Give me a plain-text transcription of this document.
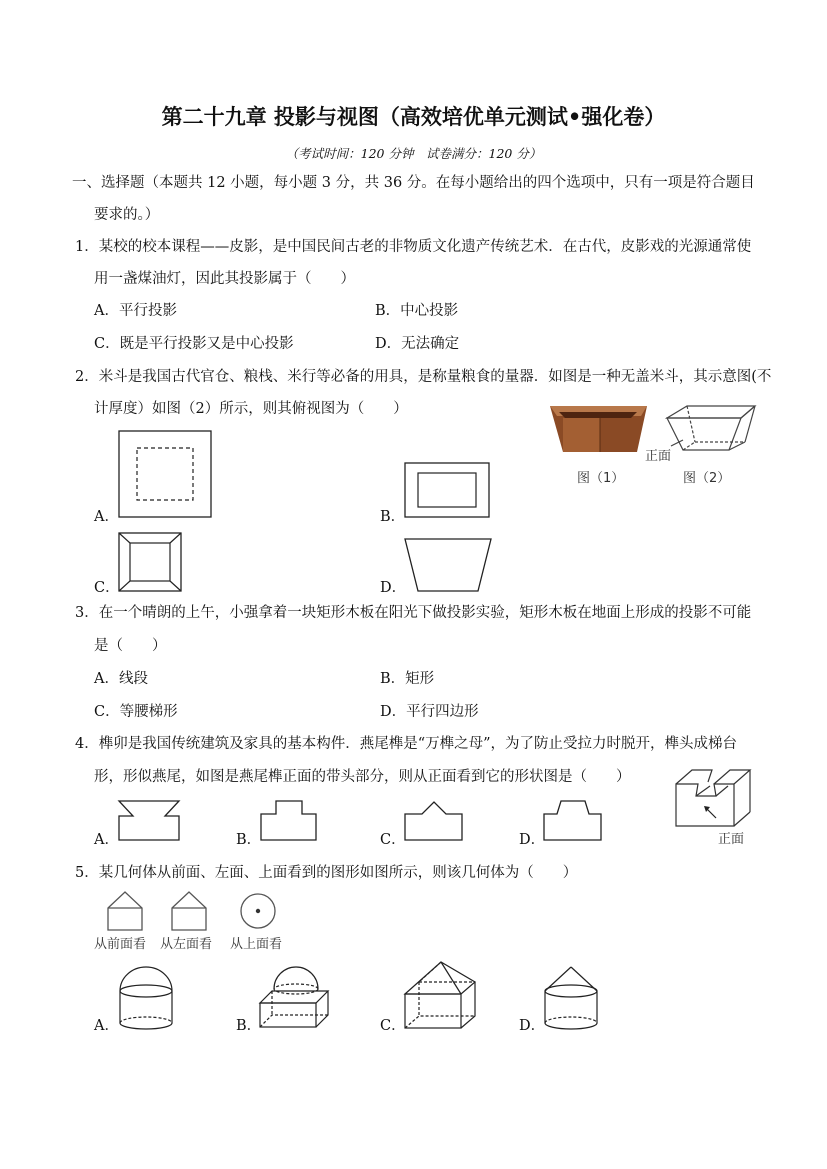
第二十九章 投影与视图（高效培优单元测试•强化卷）
（考试时间：120 分钟　试卷满分：120 分）
一、选择题（本题共 12 小题，每小题 3 分，共 36 分。在每小题给出的四个选项中，只有一项是符合题目
要求的。）
1．某校的校本课程——皮影，是中国民间古老的非物质文化遗产传统艺术．在古代，皮影戏的光源通常使
用一盏煤油灯，因此其投影属于（　　）
A．平行投影	B．中心投影
C．既是平行投影又是中心投影	D．无法确定
2．米斗是我国古代官仓、粮栈、米行等必备的用具，是称量粮食的量器．如图是一种无盖米斗，其示意图(不
计厚度）如图（2）所示，则其俯视图为（　　）
图（1）
正面
图（2）
A．	B．
C．	D．
3．在一个晴朗的上午，小强拿着一块矩形木板在阳光下做投影实验，矩形木板在地面上形成的投影不可能
是（　　）
A．线段	B．矩形
C．等腰梯形	D．平行四边形
4．榫卯是我国传统建筑及家具的基本构件．燕尾榫是“万榫之母”，为了防止受拉力时脱开，榫头成梯台
形，形似燕尾，如图是燕尾榫正面的带头部分，则从正面看到它的形状图是（　　）
正面
A．	B．	C．	D．
5．某几何体从前面、左面、上面看到的图形如图所示，则该几何体为（　　）
从前面看 从左面看 从上面看
A．	B．	C．	D．
